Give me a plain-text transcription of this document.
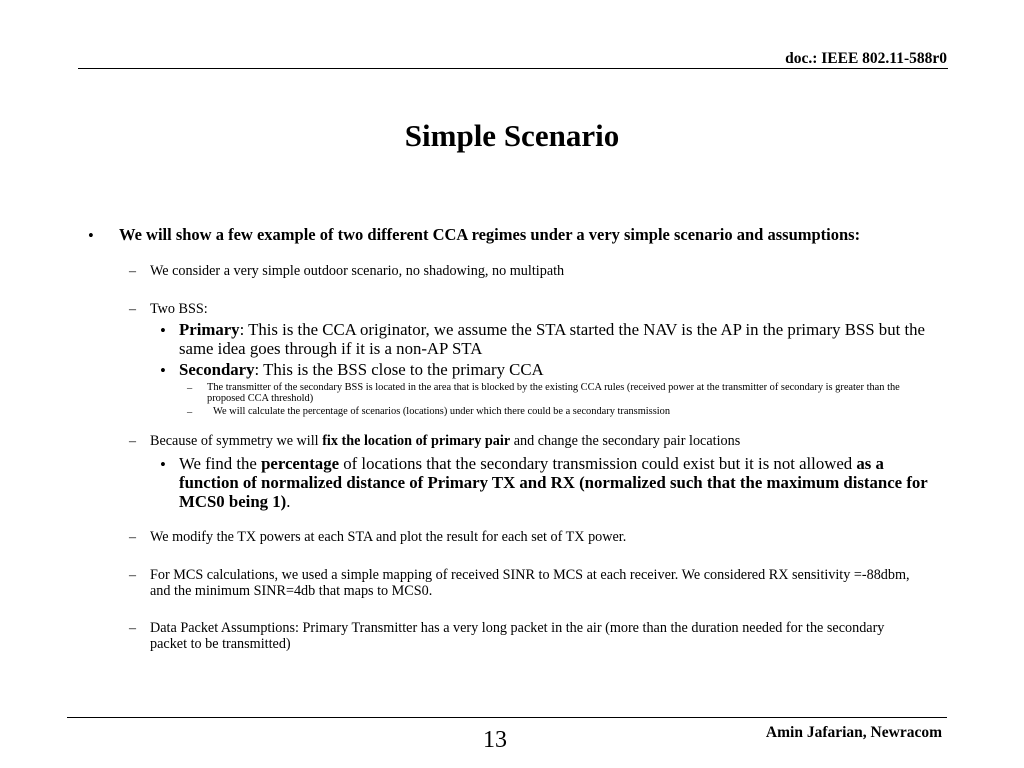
doc.: IEEE 802.11-588r0
Simple Scenario
• We will show a few example of two different CCA regimes under a very simple scenario and assumptions:
– We consider a very simple outdoor scenario, no shadowing, no multipath
– Two BSS:
• Primary: This is the CCA originator, we assume the STA started the NAV is the AP in the primary BSS but the same idea goes through if it is a non-AP STA
• Secondary: This is the BSS close to the primary CCA
– The transmitter of the secondary BSS is located in the area that is blocked by the existing CCA rules (received power at the transmitter of secondary is greater than the proposed CCA threshold)
– We will calculate the percentage of scenarios (locations) under which there could be a secondary transmission
– Because of symmetry we will fix the location of primary pair and change the secondary pair locations
• We find the percentage of locations that the secondary transmission could exist but it is not allowed as a function of normalized distance of Primary TX and RX (normalized such that the maximum distance for MCS0 being 1).
– We modify the TX powers at each STA and plot the result for each set of TX power.
– For MCS calculations, we used a simple mapping of received SINR to MCS at each receiver. We considered RX sensitivity =-88dbm, and the minimum SINR=4db that maps to MCS0.
– Data Packet Assumptions: Primary Transmitter has a very long packet in the air (more than the duration needed for the secondary packet to be transmitted)
13	Amin Jafarian, Newracom
